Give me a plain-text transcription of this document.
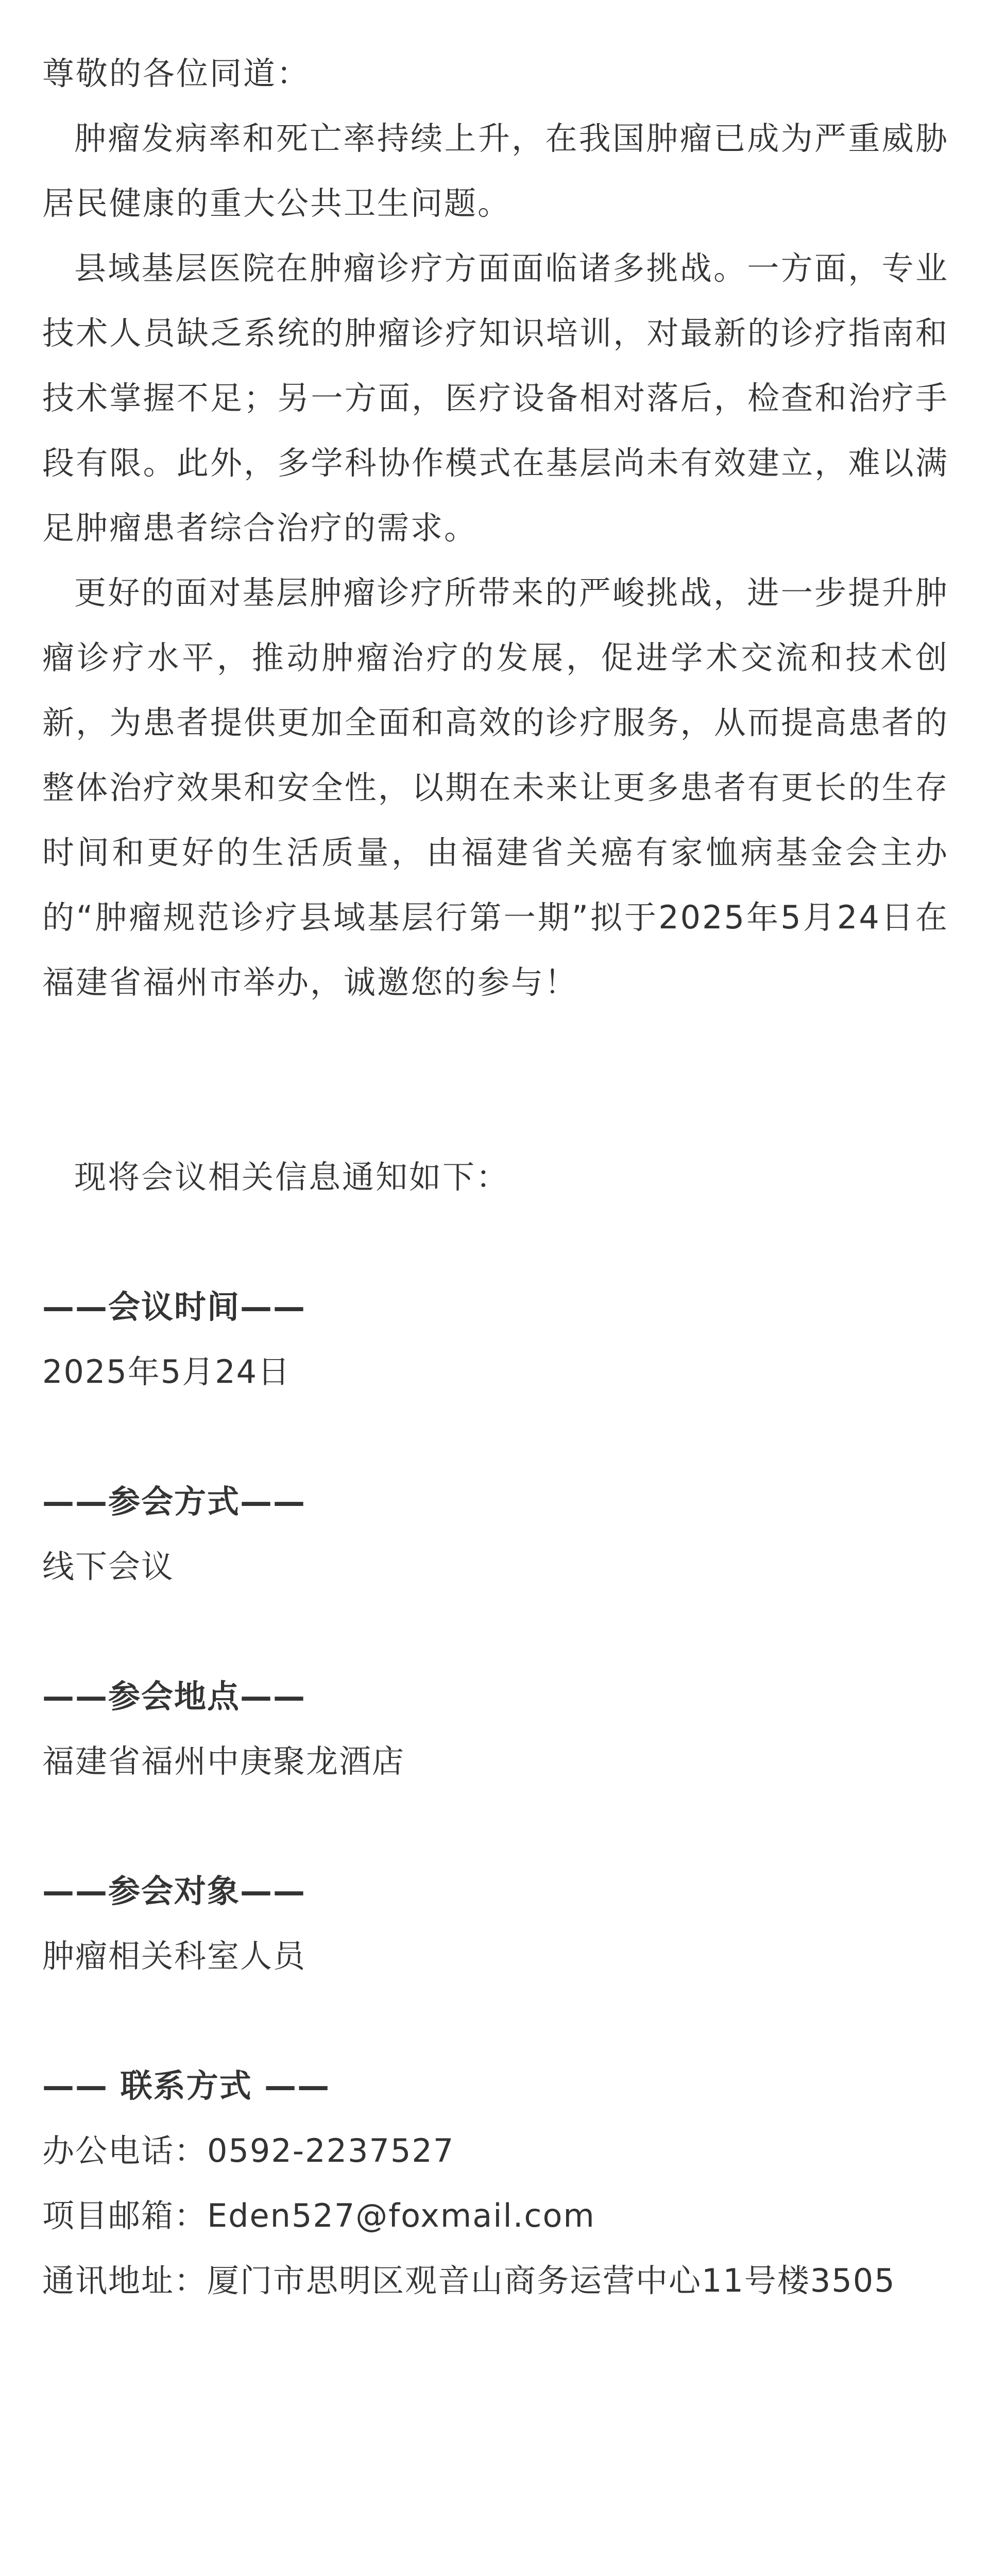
尊敬的各位同道：

肿瘤发病率和死亡率持续上升，在我国肿瘤已成为严重威胁居民健康的重大公共卫生问题。

县域基层医院在肿瘤诊疗方面面临诸多挑战。一方面，专业技术人员缺乏系统的肿瘤诊疗知识培训，对最新的诊疗指南和技术掌握不足；另一方面，医疗设备相对落后，检查和治疗手段有限。此外，多学科协作模式在基层尚未有效建立，难以满足肿瘤患者综合治疗的需求。

更好的面对基层肿瘤诊疗所带来的严峻挑战，进一步提升肿瘤诊疗水平，推动肿瘤治疗的发展，促进学术交流和技术创新，为患者提供更加全面和高效的诊疗服务，从而提高患者的整体治疗效果和安全性，以期在未来让更多患者有更长的生存时间和更好的生活质量，由福建省关癌有家恤病基金会主办的“肿瘤规范诊疗县域基层行第一期”拟于2025年5月24日在福建省福州市举办，诚邀您的参与！

现将会议相关信息通知如下：

——会议时间——

2025年5月24日

——参会方式——

线下会议

——参会地点——

福建省福州中庚聚龙酒店

——参会对象——

肿瘤相关科室人员

—— 联系方式 ——

办公电话：0592-2237527

项目邮箱：Eden527@foxmail.com

通讯地址：厦门市思明区观音山商务运营中心11号楼3505
